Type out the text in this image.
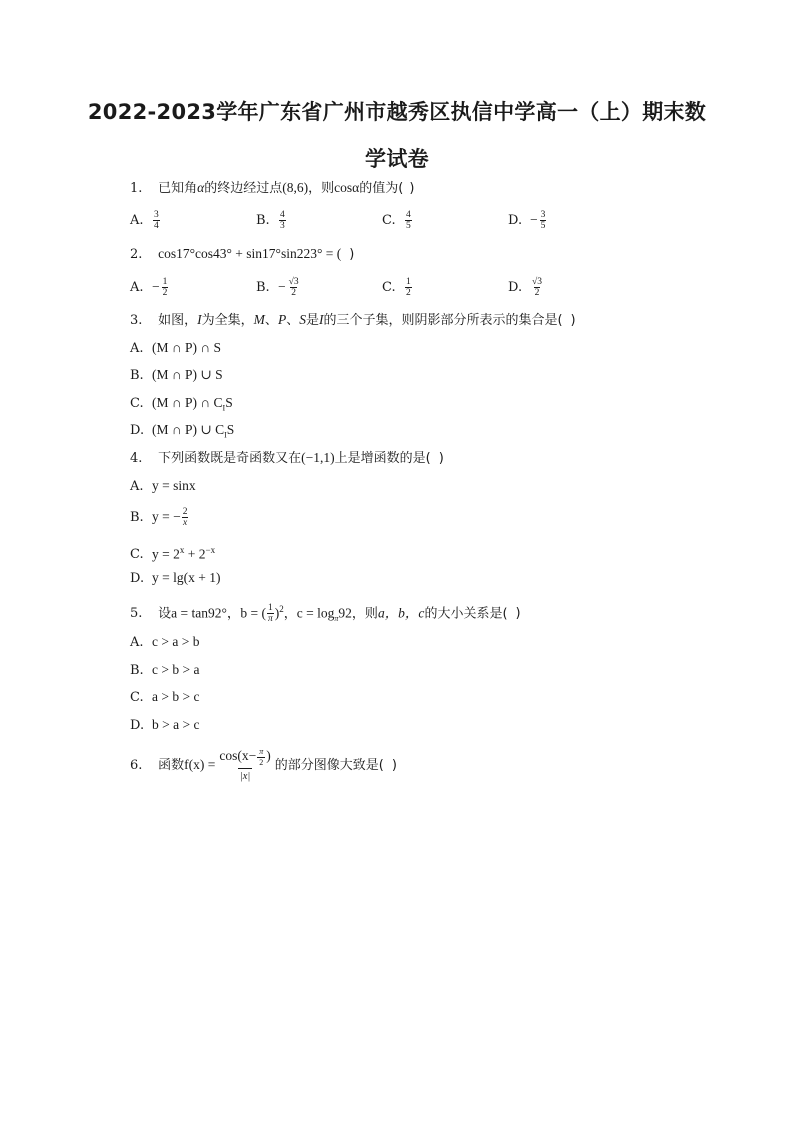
2022-2023学年广东省广州市越秀区执信中学高一（上）期末数
学试卷
1. 已知角α的终边经过点(8,6)，则cosα的值为( )
A. $\frac{3}{4}$	B. $\frac{4}{3}$	C. $\frac{4}{5}$	D. − $\frac{3}{5}$
2. cos17°cos43° + sin17°sin223° = ( )
A. − $\frac{1}{2}$	B. − $\frac{√3}{2}$	C. $\frac{1}{2}$	D. $\frac{√3}{2}$
3. 如图，I为全集，M、P、S是I的三个子集，则阴影部分所表示的集合是( )
A. (M ∩ P) ∩ S
B. (M ∩ P) ∪ S
C. (M ∩ P) ∩ $C_IS$
D. (M ∩ P) ∪ $C_IS$
4. 下列函数既是奇函数又在(−1,1)上是增函数的是( )
A. y = sinx
B. y = − $\frac{2}{x}$
C. $y = 2^x + 2^{-x}$
D. y = lg(x + 1)
5. 设a = tan92°，b = ( $\frac{1}{\pi} )^2$，$c = \log_\pi 92$，则a，b，c的大小关系是( )
A. c > a > b
B. c > b > a
C. a > b > c
D. b > a > c
6. 函数$f(x) = \frac{\cos(x- \frac{\pi}{2} )}{|x|}$ 的部分图像大致是( )
